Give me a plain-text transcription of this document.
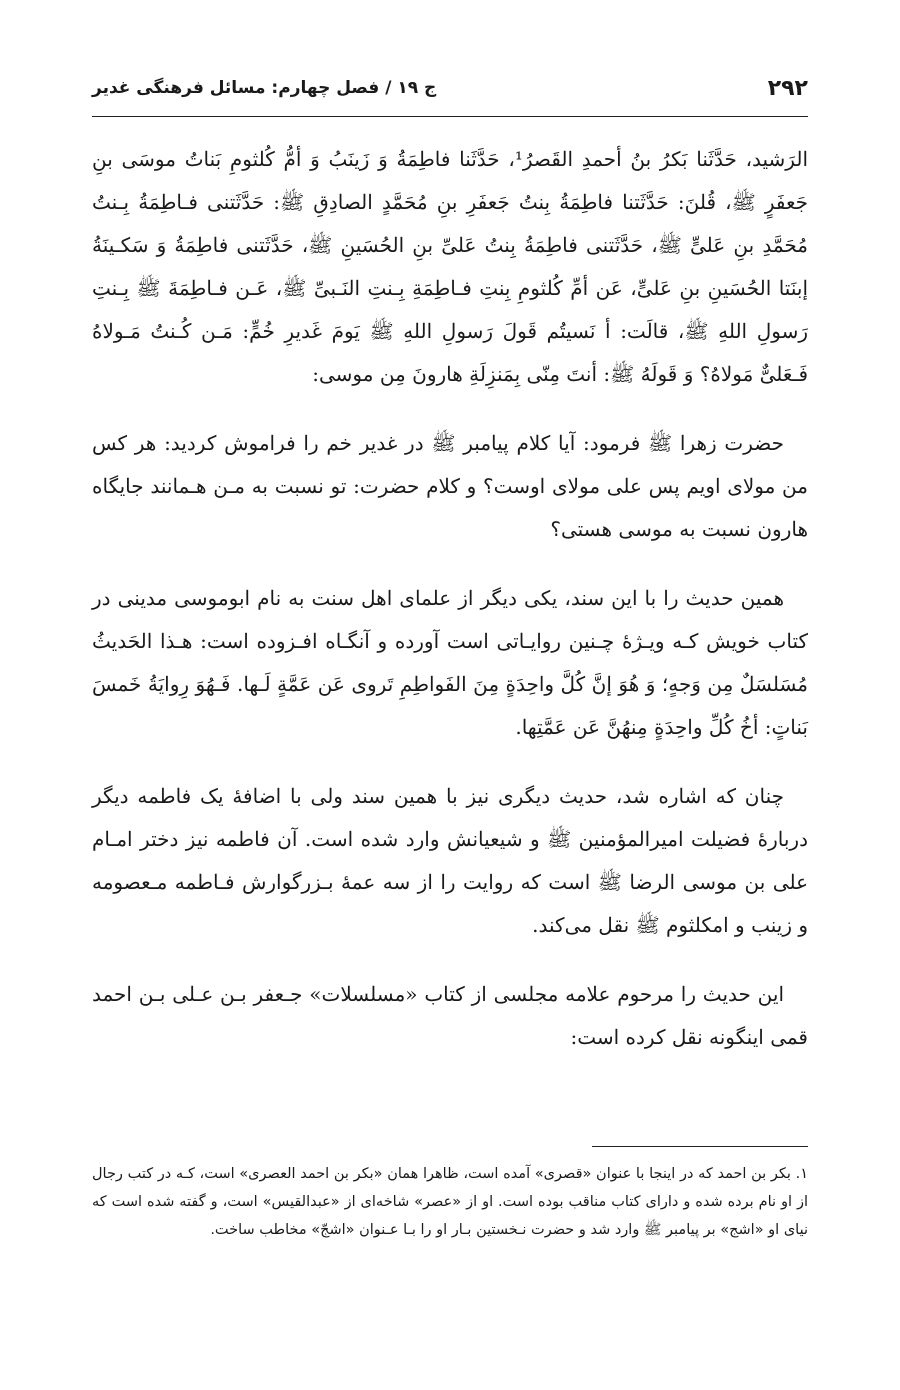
۲۹۲
ج ۱۹ / فصل چهارم: مسائل فرهنگی غدیر

الرَشید، حَدَّثَنا بَکرُ بنُ أحمدِ القَصرُ¹، حَدَّثَنا فاطِمَةُ وَ زَینَبُ وَ أمُّ کُلثومِ بَناتُ موسَی بنِ جَعفَرٍ ﷺ، قُلنَ: حَدَّثَتنا فاطِمَةُ بِنتُ جَعفَرِ بنِ مُحَمَّدٍ الصادِقِ ﷺ: حَدَّثَتنی فـاطِمَةُ بِـنتُ مُحَمَّدِ بنِ عَلیٍّ ﷺ، حَدَّثَتنی فاطِمَةُ بِنتُ عَلیِّ بنِ الحُسَینِ ﷺ، حَدَّثَتنی فاطِمَةُ وَ سَکـینَةُ إبنَتا الحُسَینِ بنِ عَلیٍّ، عَن أمِّ کُلثومِ بِنتِ فـاطِمَةِ بِـنتِ النَـبیِّ ﷺ، عَـن فـاطِمَةَ ﷺ بِـنتِ رَسولِ اللهِ ﷺ، قالَت: أ نَسیتُم قَولَ رَسولِ اللهِ ﷺ یَومَ غَدیرِ خُمٍّ: مَـن کُـنتُ مَـولاهُ فَـعَلیٌّ مَولاهُ؟ وَ قَولَهُ ﷺ: أنتَ مِنّی بِمَنزِلَةِ هارونَ مِن موسی:

حضرت زهرا ﷺ فرمود: آیا کلام پیامبر ﷺ در غدیر خم را فراموش کردید: هر کس من مولای اویم پس علی مولای اوست؟ و کلام حضرت: تو نسبت به مـن هـمانند جایگاه هارون نسبت به موسی هستی؟

همین حدیث را با این سند، یکی دیگر از علمای اهل سنت به نام ابوموسی مدینی در کتاب خویش کـه ویـژهٔ چـنین روایـاتی است آورده و آنگـاه افـزوده است: هـذا الحَدیثُ مُسَلسَلٌ مِن وَجهٍ؛ وَ هُوَ إنَّ کُلَّ واحِدَةٍ مِنَ الفَواطِمِ تَروی عَن عَمَّةٍ لَـها. فَـهُوَ رِوایَةُ خَمسَ بَناتٍ: أخُ کُلِّ واحِدَةٍ مِنهُنَّ عَن عَمَّتِها.

چنان که اشاره شد، حدیث دیگری نیز با همین سند ولی با اضافهٔ یک فاطمه دیگر دربارهٔ فضیلت امیرالمؤمنین ﷺ و شیعیانش وارد شده است. آن فاطمه نیز دختر امـام علی بن موسی الرضا ﷺ است که روایت را از سه عمهٔ بـزرگوارش فـاطمه مـعصومه و زینب و امکلثوم ﷺ نقل می‌کند.

این حدیث را مرحوم علامه مجلسی از کتاب «مسلسلات» جـعفر بـن عـلی بـن احمد قمی اینگونه نقل کرده است:

۱. بکر بن احمد که در اینجا با عنوان «قصری» آمده است، ظاهرا همان «بکر بن احمد العصری» است، کـه در کتب رجال از او نام برده شده و دارای کتاب مناقب بوده است. او از «عصر» شاخه‌ای از «عبدالقیس» است، و گفته شده است که نیای او «اشج» بر پیامبر ﷺ وارد شد و حضرت نـخستین بـار او را بـا عـنوان «اشجّ» مخاطب ساخت.
